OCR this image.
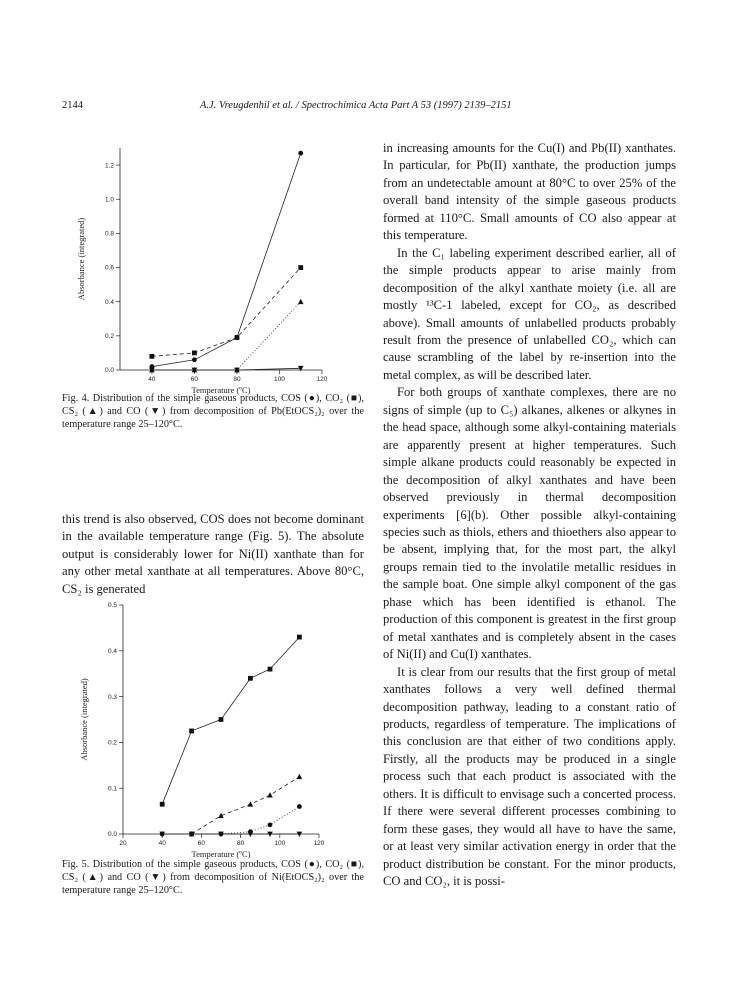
2144	A.J. Vreugdenhil et al. / Spectrochimica Acta Part A 53 (1997) 2139–2151
0.0
0.2
0.4
0.6
0.8
1.0
1.2
40	60	80	100	120
Temperature (ºC)
Absorbance (integrated)
Fig. 4. Distribution of the simple gaseous products, COS (●), CO₂ (■), CS₂ (▲) and CO (▼) from decomposition of Pb(EtOCS₂)₂ over the temperature range 25–120°C.
0.0
0.1
0.2
0.3
0.4
0.5
20	40	60	80	100	120
Temperature (ºC)
Absorbance (integrated)
Fig. 5. Distribution of the simple gaseous products, COS (●), CO₂ (■), CS₂ (▲) and CO (▼) from decomposition of Ni(EtOCS₂)₂ over the temperature range 25–120°C.

this trend is also observed, COS does not become dominant in the available temperature range (Fig. 5). The absolute output is considerably lower for Ni(II) xanthate than for any other metal xanthate at all temperatures. Above 80°C, CS₂ is generated

in increasing amounts for the Cu(I) and Pb(II) xanthates. In particular, for Pb(II) xanthate, the production jumps from an undetectable amount at 80°C to over 25% of the overall band intensity of the simple gaseous products formed at 110°C. Small amounts of CO also appear at this temperature.

In the C₁ labeling experiment described earlier, all of the simple products appear to arise mainly from decomposition of the alkyl xanthate moiety (i.e. all are mostly ¹³C-1 labeled, except for CO₂, as described above). Small amounts of unlabelled products probably result from the presence of unlabelled CO₂, which can cause scrambling of the label by re-insertion into the metal complex, as will be described later.

For both groups of xanthate complexes, there are no signs of simple (up to C₅) alkanes, alkenes or alkynes in the head space, although some alkyl-containing materials are apparently present at higher temperatures. Such simple alkane products could reasonably be expected in the decomposition of alkyl xanthates and have been observed previously in thermal decomposition experiments [6](b). Other possible alkyl-containing species such as thiols, ethers and thioethers also appear to be absent, implying that, for the most part, the alkyl groups remain tied to the involatile metallic residues in the sample boat. One simple alkyl component of the gas phase which has been identified is ethanol. The production of this component is greatest in the first group of metal xanthates and is completely absent in the cases of Ni(II) and Cu(I) xanthates.

It is clear from our results that the first group of metal xanthates follows a very well defined thermal decomposition pathway, leading to a constant ratio of products, regardless of temperature. The implications of this conclusion are that either of two conditions apply. Firstly, all the products may be produced in a single process such that each product is associated with the others. It is difficult to envisage such a concerted process. If there were several different processes combining to form these gases, they would all have to have the same, or at least very similar activation energy in order that the product distribution be constant. For the minor products, CO and CO₂, it is possi-
